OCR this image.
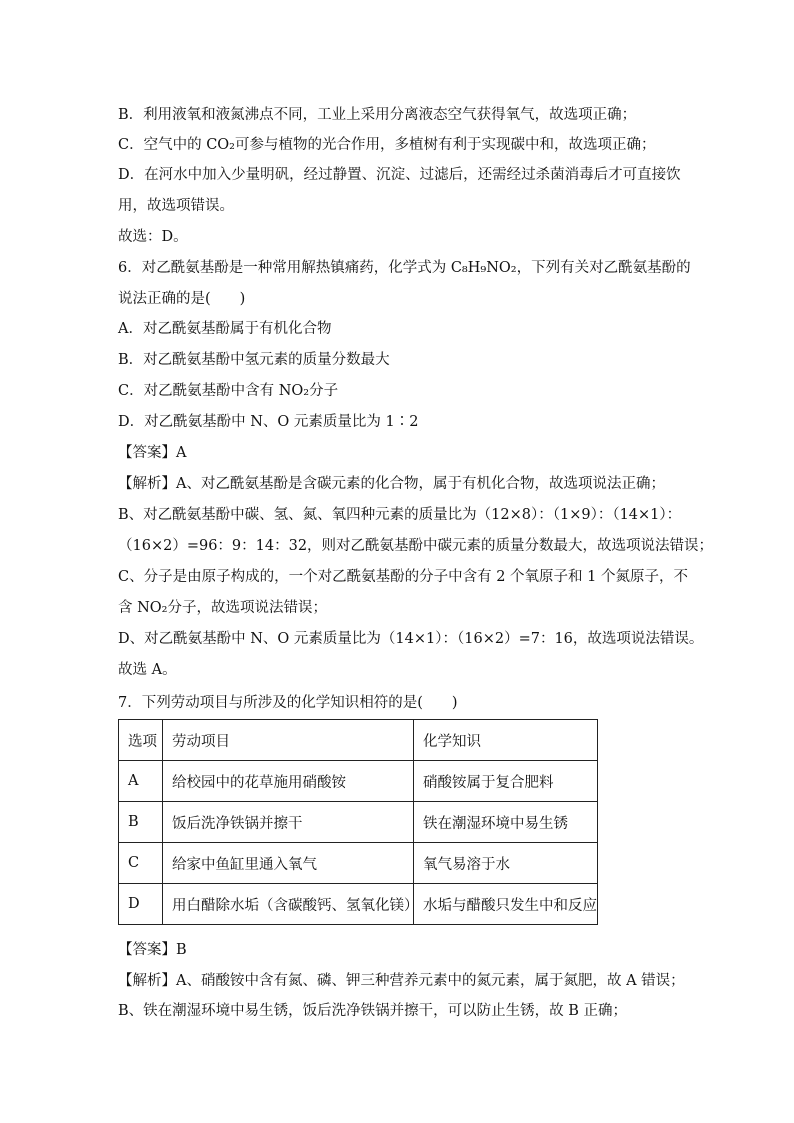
B．利用液氧和液氮沸点不同，工业上采用分离液态空气获得氧气，故选项正确；
C．空气中的 CO₂可参与植物的光合作用，多植树有利于实现碳中和，故选项正确；
D．在河水中加入少量明矾，经过静置、沉淀、过滤后，还需经过杀菌消毒后才可直接饮
用，故选项错误。
故选：D。
6．对乙酰氨基酚是一种常用解热镇痛药，化学式为 C₈H₉NO₂，下列有关对乙酰氨基酚的
说法正确的是(　　)
A．对乙酰氨基酚属于有机化合物
B．对乙酰氨基酚中氢元素的质量分数最大
C．对乙酰氨基酚中含有 NO₂分子
D．对乙酰氨基酚中 N、O 元素质量比为 1∶2
【答案】A
【解析】A、对乙酰氨基酚是含碳元素的化合物，属于有机化合物，故选项说法正确；
B、对乙酰氨基酚中碳、氢、氮、氧四种元素的质量比为（12×8）：（1×9）：（14×1）：
（16×2）=96：9：14：32，则对乙酰氨基酚中碳元素的质量分数最大，故选项说法错误；
C、分子是由原子构成的，一个对乙酰氨基酚的分子中含有 2 个氧原子和 1 个氮原子，不
含 NO₂分子，故选项说法错误；
D、对乙酰氨基酚中 N、O 元素质量比为（14×1）：（16×2）=7：16，故选项说法错误。
故选 A。
7．下列劳动项目与所涉及的化学知识相符的是(　　)
选项	劳动项目	化学知识
A	给校园中的花草施用硝酸铵	硝酸铵属于复合肥料
B	饭后洗净铁锅并擦干	铁在潮湿环境中易生锈
C	给家中鱼缸里通入氧气	氧气易溶于水
D	用白醋除水垢（含碳酸钙、氢氧化镁）	水垢与醋酸只发生中和反应
【答案】B
【解析】A、硝酸铵中含有氮、磷、钾三种营养元素中的氮元素，属于氮肥，故 A 错误；
B、铁在潮湿环境中易生锈，饭后洗净铁锅并擦干，可以防止生锈，故 B 正确；
